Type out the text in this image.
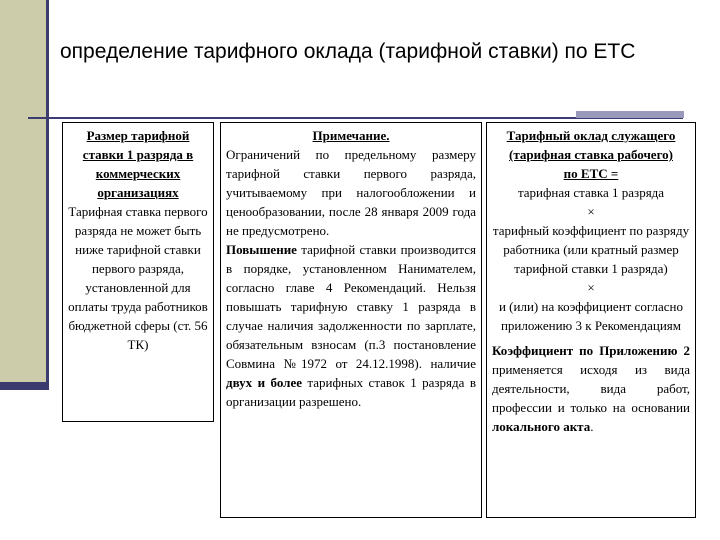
определение тарифного оклада (тарифной ставки) по ЕТС
Размер тарифной ставки 1 разряда в коммерческих организациях
Тарифная ставка первого разряда не может быть ниже тарифной ставки первого разряда, установленной для оплаты труда работников бюджетной сферы (ст. 56 ТК)
Примечание.
Ограничений по предельному размеру тарифной ставки первого разряда, учитываемому при налогообложении и ценообразовании, после 28 января 2009 года не предусмотрено.
Повышение тарифной ставки производится в порядке, установленном Нанимателем, согласно главе 4 Рекомендаций. Нельзя повышать тарифную ставку 1 разряда в случае наличия задолженности по зарплате, обязательным взносам (п.3 постановление Совмина №1972 от 24.12.1998). наличие двух и более тарифных ставок 1 разряда в организации разрешено.
Тарифный оклад служащего
(тарифная ставка рабочего)
по ЕТС =
тарифная ставка 1 разряда
×
тарифный коэффициент по разряду работника (или кратный размер тарифной ставки 1 разряда)
×
и (или) на коэффициент согласно приложению 3 к Рекомендациям
Коэффициент по Приложению 2 применяется исходя из вида деятельности, вида работ, профессии и только на основании локального акта.
